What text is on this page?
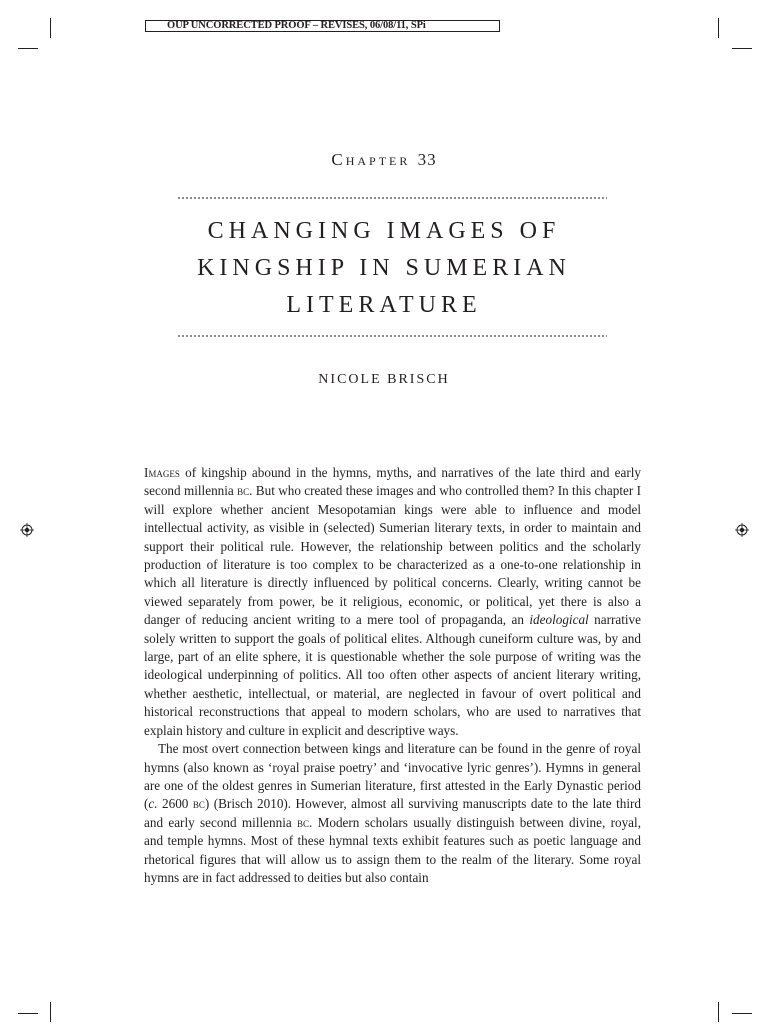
OUP UNCORRECTED PROOF – REVISES, 06/08/11, SPi
Chapter 33
CHANGING IMAGES OF
KINGSHIP IN SUMERIAN
LITERATURE
NICOLE BRISCH

Images of kingship abound in the hymns, myths, and narratives of the late third and early second millennia bc. But who created these images and who controlled them? In this chapter I will explore whether ancient Mesopotamian kings were able to influence and model intellectual activity, as visible in (selected) Sumerian literary texts, in order to maintain and support their political rule. However, the relationship between politics and the scholarly production of literature is too complex to be characterized as a one-to-one relationship in which all literature is directly influenced by political concerns. Clearly, writing cannot be viewed separately from power, be it religious, economic, or political, yet there is also a danger of reducing ancient writing to a mere tool of propaganda, an ideological narrative solely written to support the goals of political elites. Although cuneiform culture was, by and large, part of an elite sphere, it is questionable whether the sole purpose of writing was the ideological underpinning of politics. All too often other aspects of ancient literary writing, whether aesthetic, intellectual, or material, are neglected in favour of overt political and historical reconstructions that appeal to modern scholars, who are used to narratives that explain history and culture in explicit and descriptive ways.

The most overt connection between kings and literature can be found in the genre of royal hymns (also known as ‘royal praise poetry’ and ‘invocative lyric genres’). Hymns in general are one of the oldest genres in Sumerian literature, first attested in the Early Dynastic period (c. 2600 bc) (Brisch 2010). However, almost all surviving manuscripts date to the late third and early second millennia bc. Modern scholars usually distinguish between divine, royal, and temple hymns. Most of these hymnal texts exhibit features such as poetic language and rhetorical figures that will allow us to assign them to the realm of the literary. Some royal hymns are in fact addressed to deities but also contain
